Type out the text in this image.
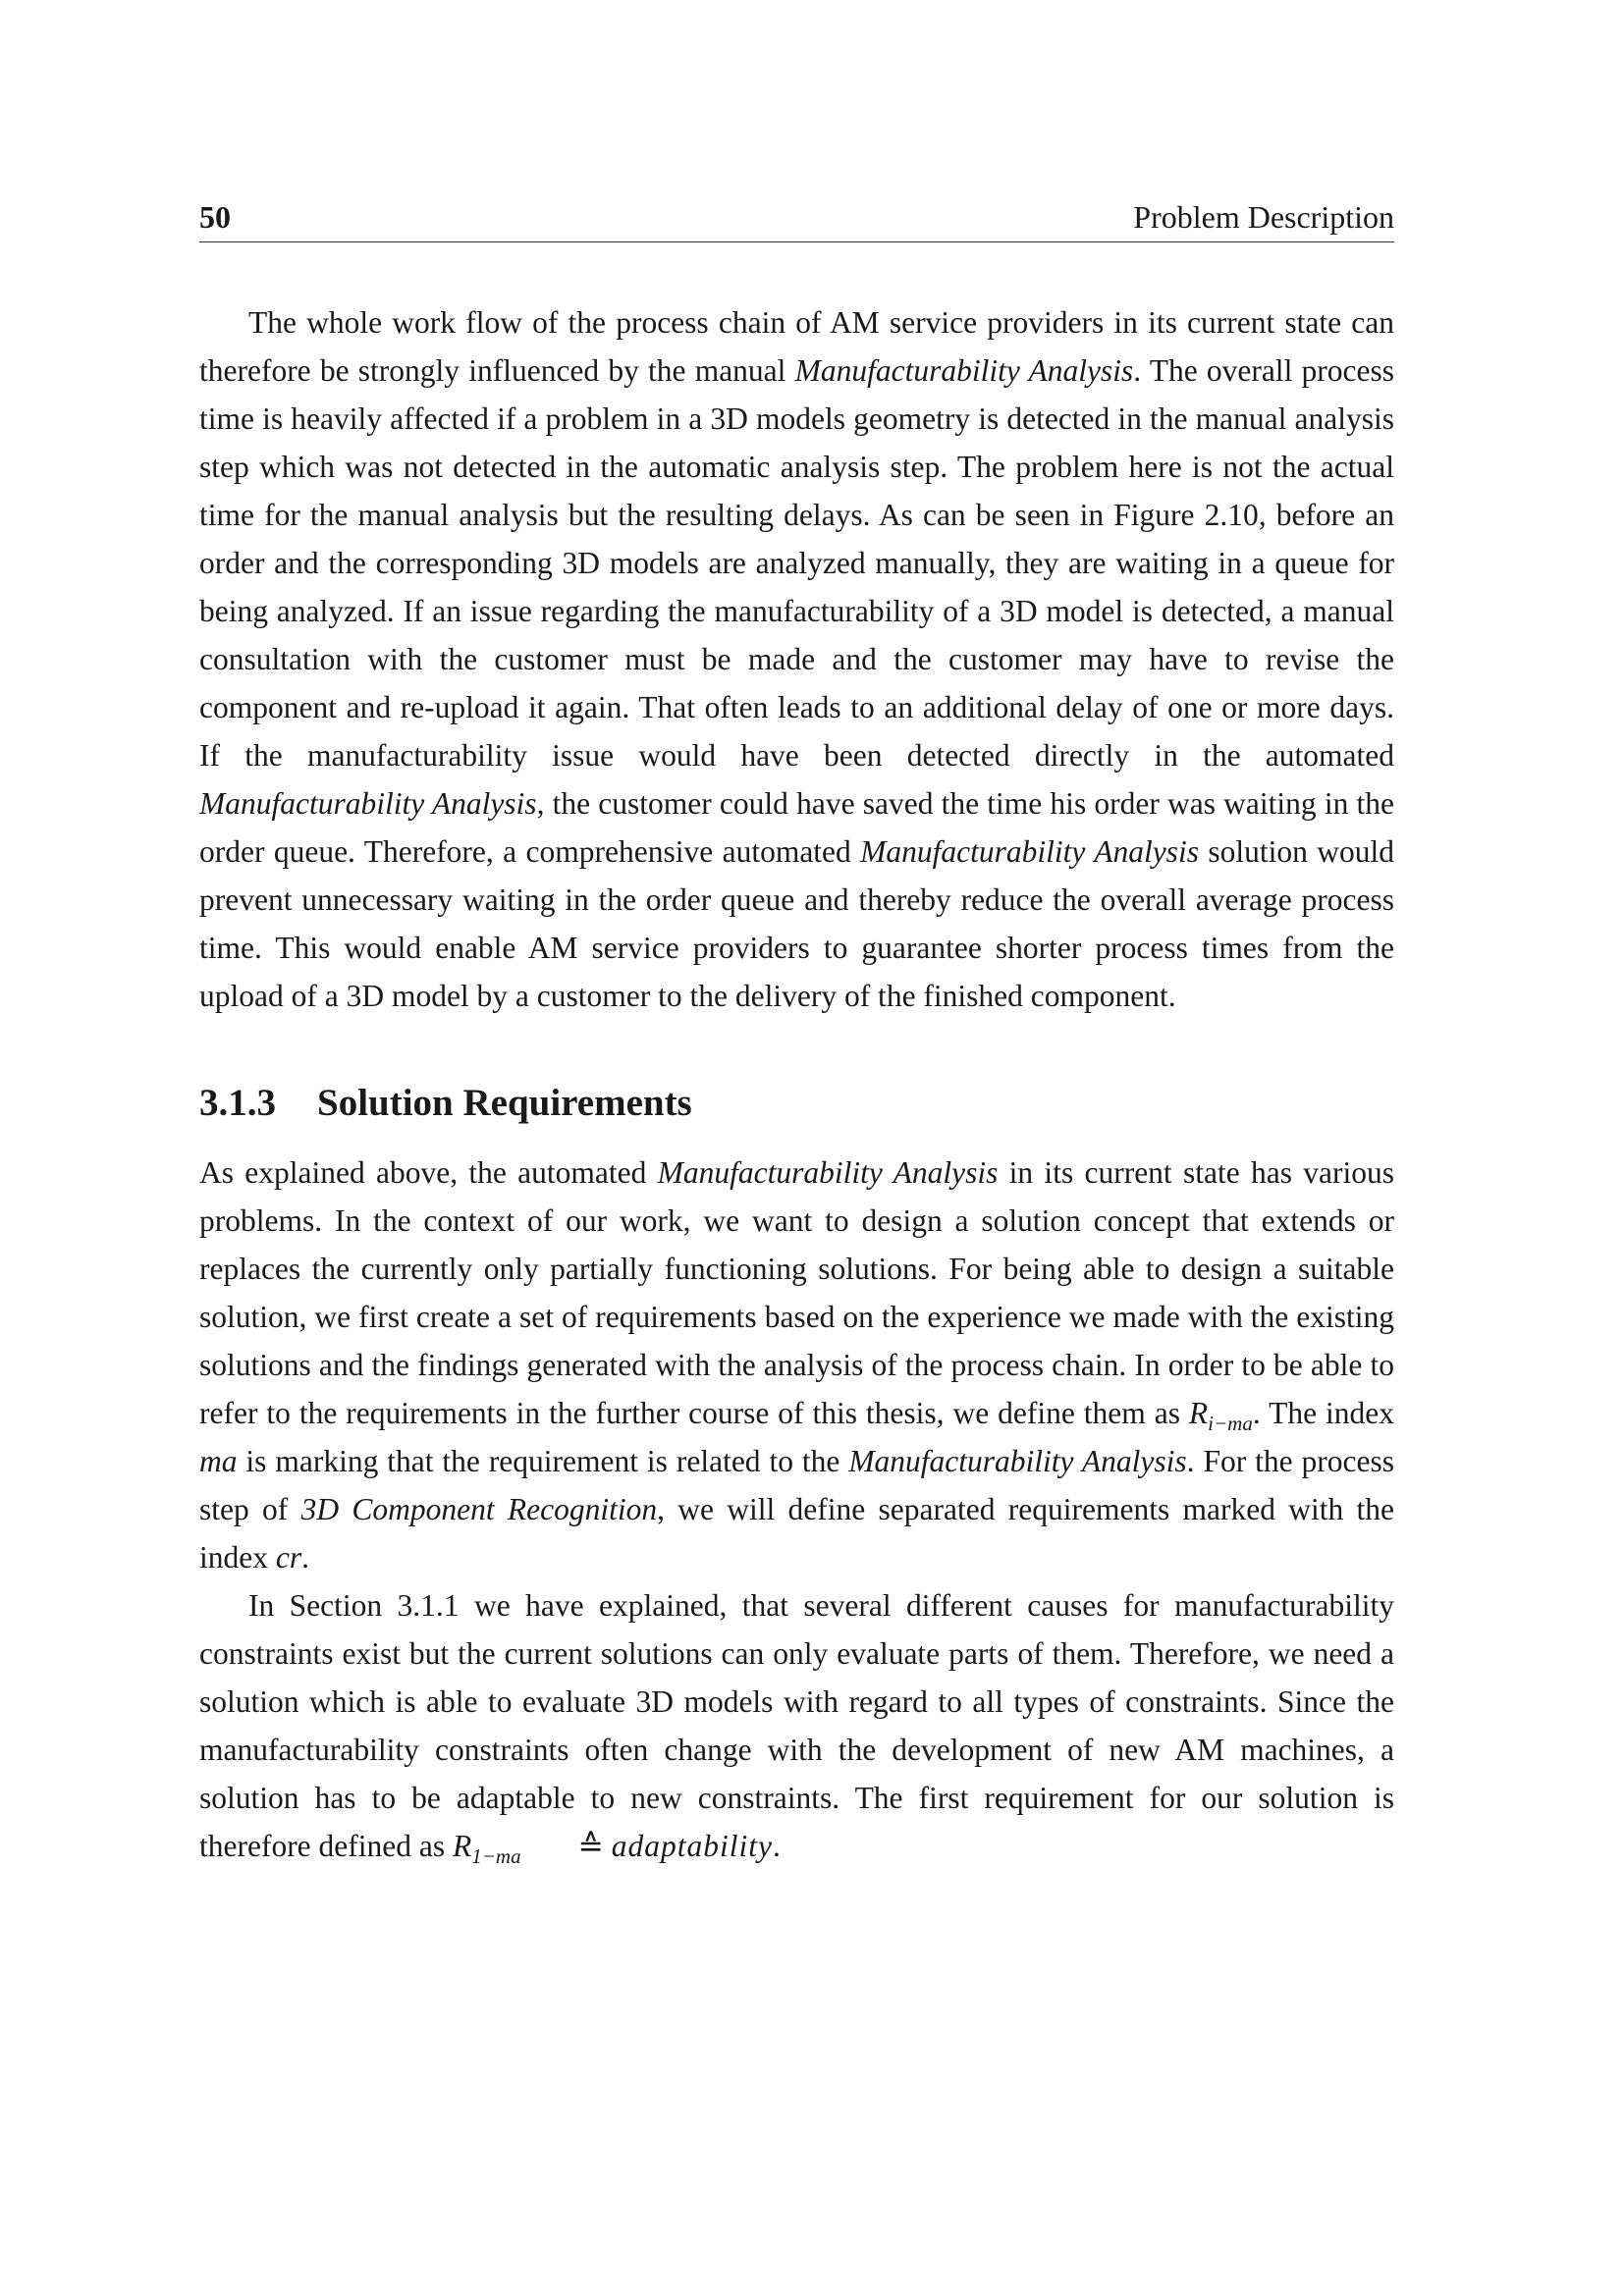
50	Problem Description

The whole work flow of the process chain of AM service providers in its current state can therefore be strongly influenced by the manual Manufacturability Analysis. The overall process time is heavily affected if a problem in a 3D models geometry is detected in the manual analysis step which was not detected in the automatic analysis step. The problem here is not the actual time for the manual analysis but the resulting delays. As can be seen in Figure 2.10, before an order and the corresponding 3D models are analyzed manually, they are waiting in a queue for being analyzed. If an issue regarding the manufacturability of a 3D model is detected, a manual consultation with the customer must be made and the customer may have to revise the component and re-upload it again. That often leads to an additional delay of one or more days. If the manufacturability issue would have been detected directly in the automated Manufacturability Analysis, the customer could have saved the time his order was waiting in the order queue. Therefore, a comprehensive automated Manufacturability Analysis solution would prevent unnecessary waiting in the order queue and thereby reduce the overall average process time. This would enable AM service providers to guarantee shorter process times from the upload of a 3D model by a customer to the delivery of the finished component.

3.1.3 Solution Requirements

As explained above, the automated Manufacturability Analysis in its current state has various problems. In the context of our work, we want to design a solution concept that extends or replaces the currently only partially functioning solutions. For being able to design a suitable solution, we first create a set of requirements based on the experience we made with the existing solutions and the findings generated with the analysis of the process chain. In order to be able to refer to the requirements in the further course of this thesis, we define them as $R_{i-ma}$. The index ma is marking that the requirement is related to the Manufacturability Analysis. For the process step of 3D Component Recognition, we will define separated requirements marked with the index cr.

In Section 3.1.1 we have explained, that several different causes for manufacturability constraints exist but the current solutions can only evaluate parts of them. Therefore, we need a solution which is able to evaluate 3D models with regard to all types of constraints. Since the manufacturability constraints often change with the development of new AM machines, a solution has to be adaptable to new constraints. The first requirement for our solution is therefore defined as $R_{1-ma}$ ≙ adaptability.
